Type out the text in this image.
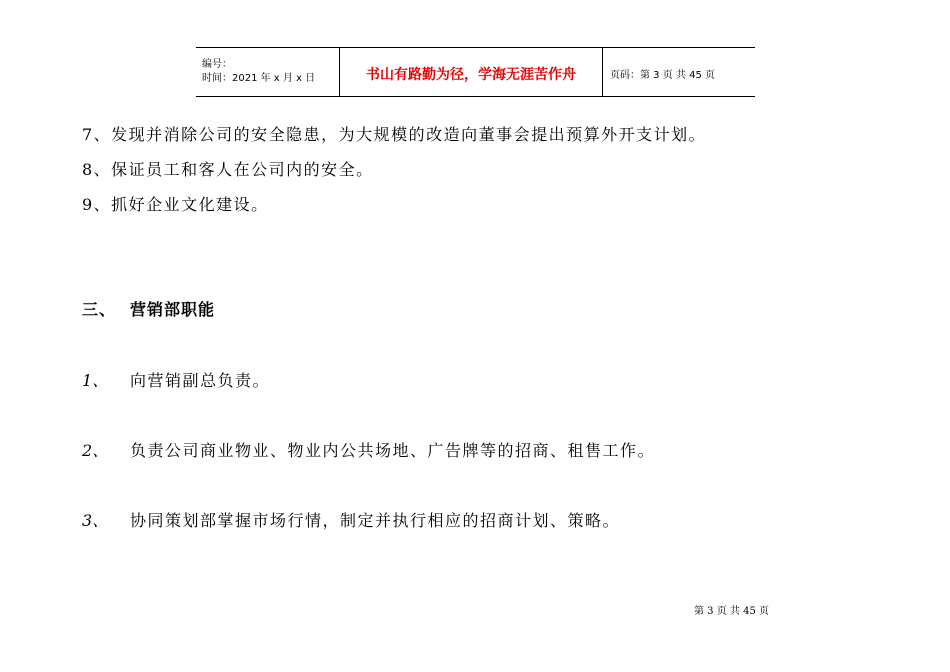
编号：
时间：2021 年 x 月 x 日	书山有路勤为径，学海无涯苦作舟	页码：第 3 页 共 45 页
7、发现并消除公司的安全隐患，为大规模的改造向董事会提出预算外开支计划。
8、保证员工和客人在公司内的安全。
9、抓好企业文化建设。
三、 营销部职能
1、 向营销副总负责。
2、 负责公司商业物业、物业内公共场地、广告牌等的招商、租售工作。
3、 协同策划部掌握市场行情，制定并执行相应的招商计划、策略。
第 3 页 共 45 页
